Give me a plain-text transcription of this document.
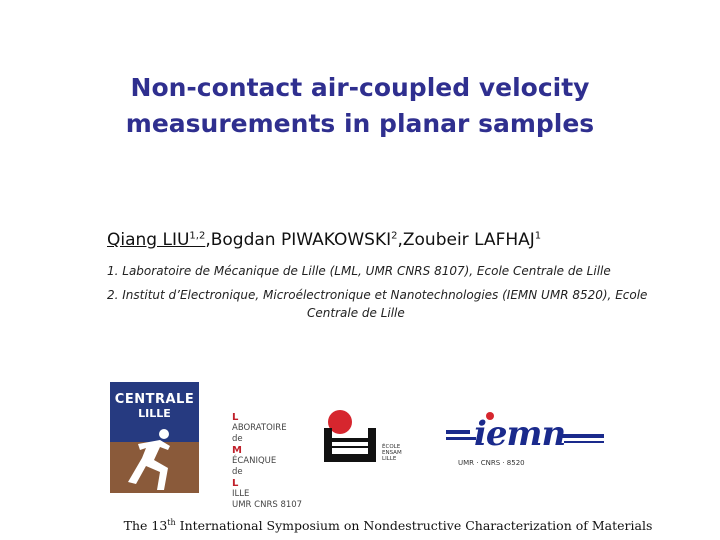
Non-contact air-coupled velocity
measurements in planar samples
Qiang LIU$^{1,2}$,Bogdan PIWAKOWSKI$^2$,Zoubeir LAFHAJ$^1$
1. Laboratoire de Mécanique de Lille (LML, UMR CNRS 8107), Ecole Centrale de Lille
2. Institut d’Electronique, Microélectronique et Nanotechnologies (IEMN UMR 8520), Ecole
Centrale de Lille
CENTRALE
LILLE	L
ABORATOIRE
de
M
ÉCANIQUE
de
L
ILLE
UMR CNRS 8107
ÉCOLE
ENSAM
LILLE
iemn
UMR · CNRS · 8520
The 13th International Symposium on Nondestructive Characterization of Materials
